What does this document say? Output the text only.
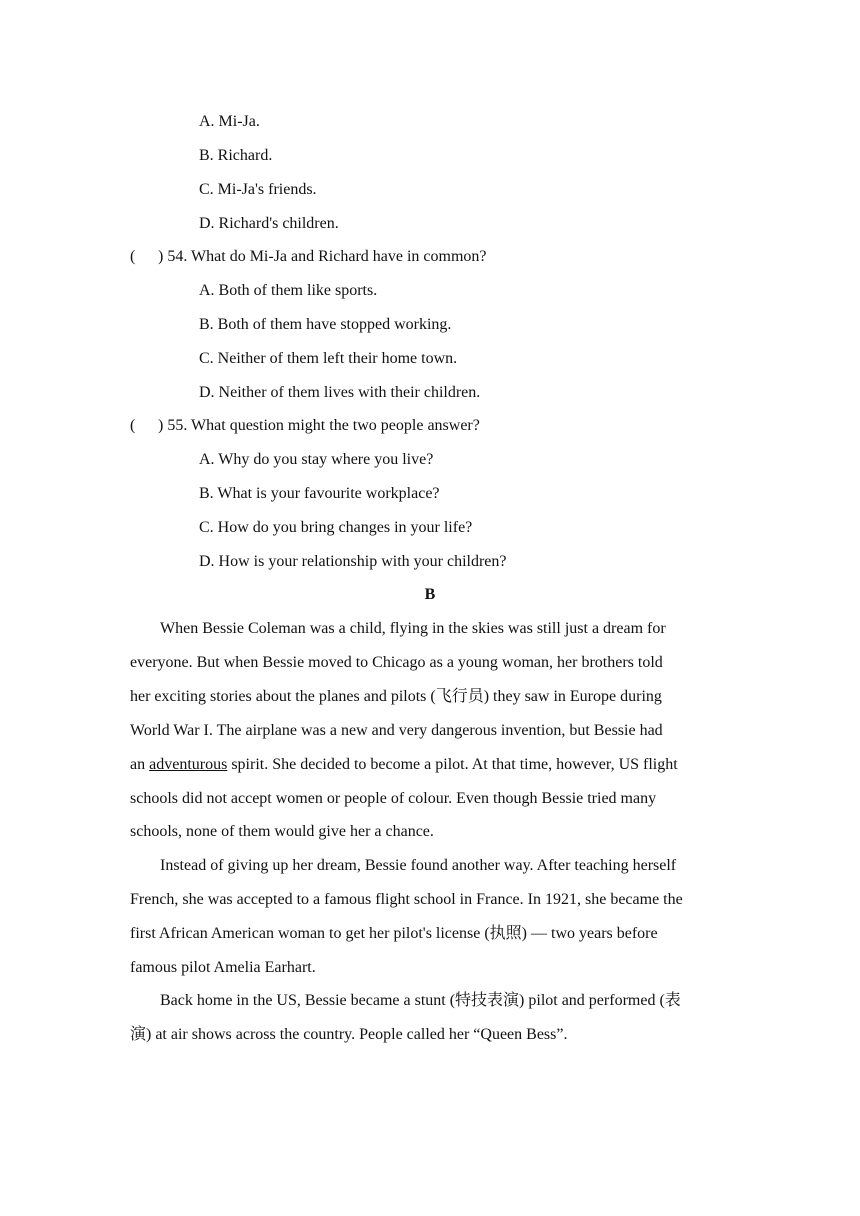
A. Mi-Ja.
B. Richard.
C. Mi-Ja's friends.
D. Richard's children.
( ) 54. What do Mi-Ja and Richard have in common?
A. Both of them like sports.
B. Both of them have stopped working.
C. Neither of them left their home town.
D. Neither of them lives with their children.
( ) 55. What question might the two people answer?
A. Why do you stay where you live?
B. What is your favourite workplace?
C. How do you bring changes in your life?
D. How is your relationship with your children?
B
When Bessie Coleman was a child, flying in the skies was still just a dream for
everyone. But when Bessie moved to Chicago as a young woman, her brothers told
her exciting stories about the planes and pilots (飞行员) they saw in Europe during
World War I. The airplane was a new and very dangerous invention, but Bessie had
an adventurous spirit. She decided to become a pilot. At that time, however, US flight
schools did not accept women or people of colour. Even though Bessie tried many
schools, none of them would give her a chance.
Instead of giving up her dream, Bessie found another way. After teaching herself
French, she was accepted to a famous flight school in France. In 1921, she became the
first African American woman to get her pilot's license (执照) — two years before
famous pilot Amelia Earhart.
Back home in the US, Bessie became a stunt (特技表演) pilot and performed (表
演) at air shows across the country. People called her “Queen Bess”.
